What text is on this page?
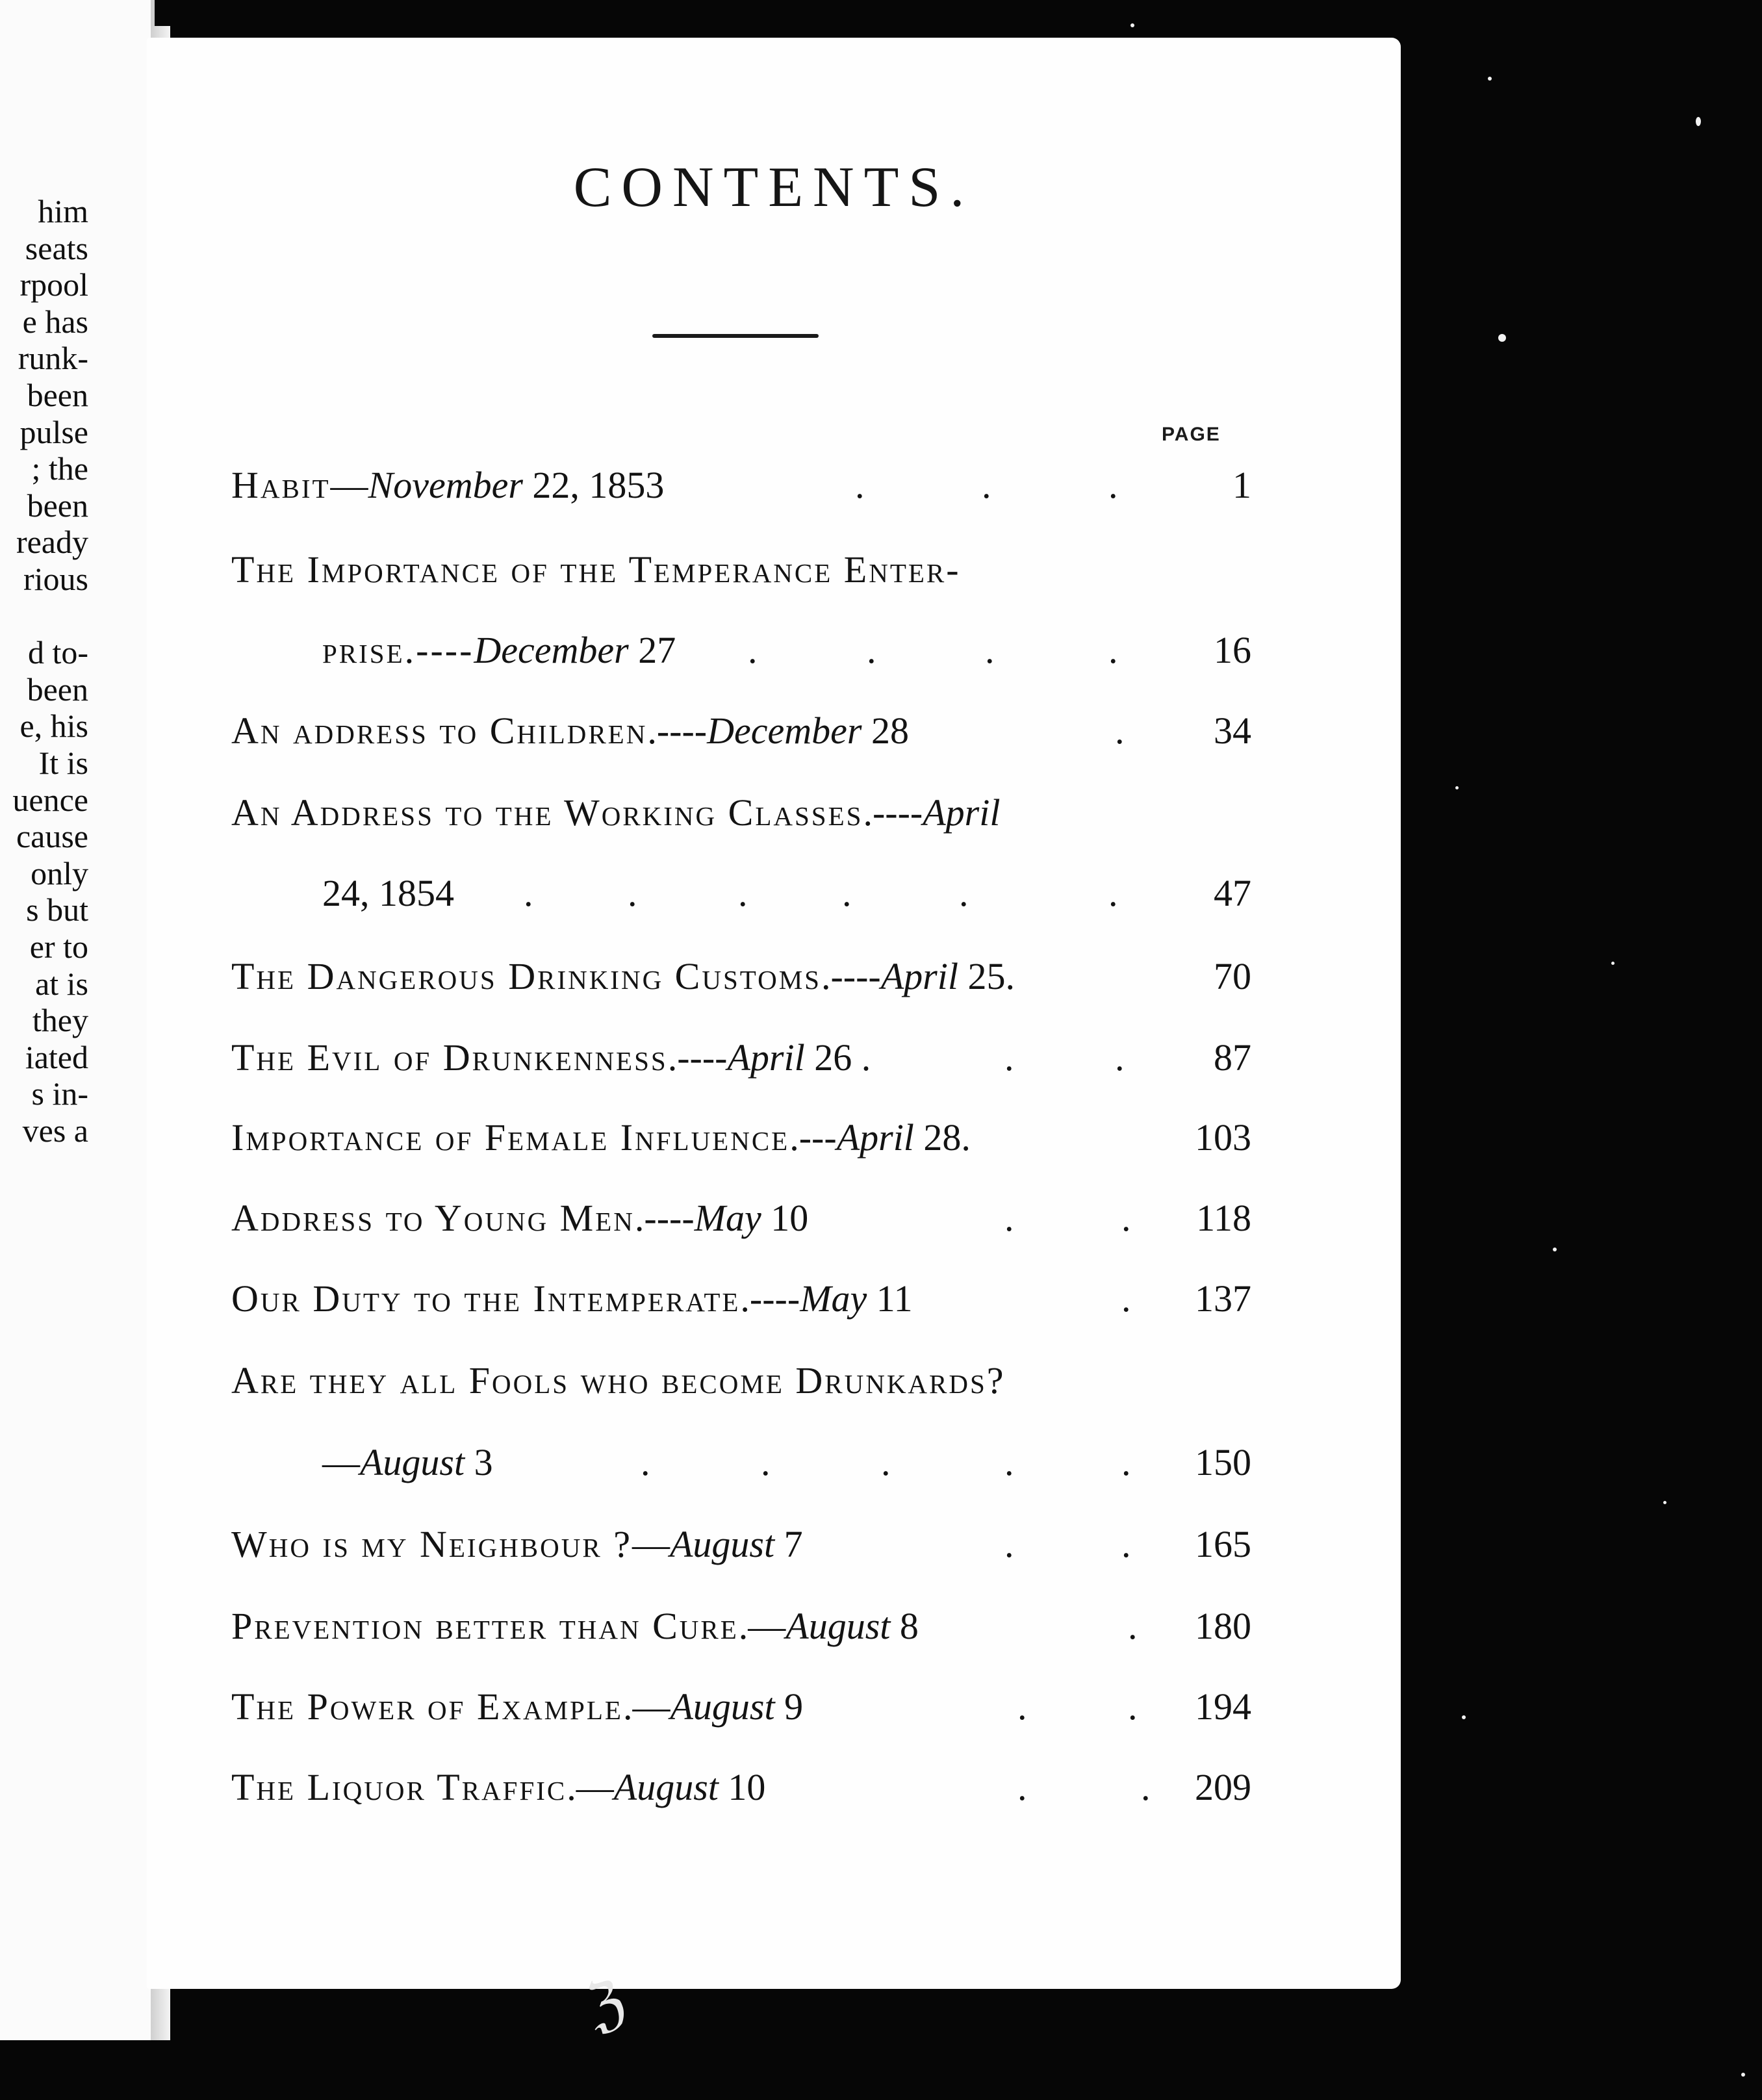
him
seats
rpool
e has
runk-
been
pulse
; the
been
ready
rious
d to-
been
e, his
It is
uence
cause
only
s but
er to
at is
they
iated
s in-
ves a
CONTENTS.
PAGE
Habit—November 22, 1853	.	.	.	1
The Importance of the Temperance Enter-
prise.----December 27 .	.	.	.	16
An address to Children.----December 28	.	34
An Address to the Working Classes.----April
24, 1854 .	.	.	.	.	.	47
The Dangerous Drinking Customs.----April 25.	70
The Evil of Drunkenness.----April 26 .	.	.	87
Importance of Female Influence.---April 28.	103
Address to Young Men.----May 10	.	.	118
Our Duty to the Intemperate.----May 11	.	137
Are they all Fools who become Drunkards?
—August 3	.	.	.	.	.	150
Who is my Neighbour ?—August 7	.	.	165
Prevention better than Cure.—August 8	.	180
The Power of Example.—August 9	.	.	194
The Liquor Traffic.—August 10	.	.	209
ℨ
